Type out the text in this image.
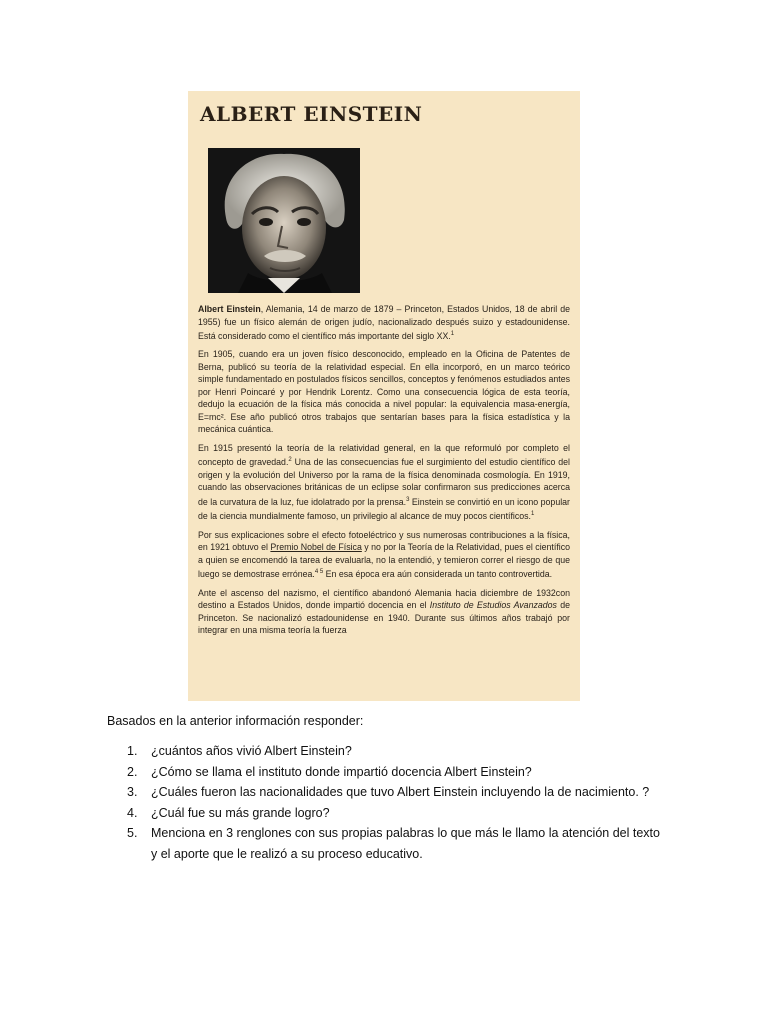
ALBERT EINSTEIN

Albert Einstein, Alemania, 14 de marzo de 1879 – Princeton, Estados Unidos, 18 de abril de 1955) fue un físico alemán de origen judío, nacionalizado después suizo y estadounidense. Está considerado como el científico más importante del siglo XX.$^1$

En 1905, cuando era un joven físico desconocido, empleado en la Oficina de Patentes de Berna, publicó su teoría de la relatividad especial. En ella incorporó, en un marco teórico simple fundamentado en postulados físicos sencillos, conceptos y fenómenos estudiados antes por Henri Poincaré y por Hendrik Lorentz. Como una consecuencia lógica de esta teoría, dedujo la ecuación de la física más conocida a nivel popular: la equivalencia masa-energía, E=mc². Ese año publicó otros trabajos que sentarían bases para la física estadística y la mecánica cuántica.

En 1915 presentó la teoría de la relatividad general, en la que reformuló por completo el concepto de gravedad.$^2$ Una de las consecuencias fue el surgimiento del estudio científico del origen y la evolución del Universo por la rama de la física denominada cosmología. En 1919, cuando las observaciones británicas de un eclipse solar confirmaron sus predicciones acerca de la curvatura de la luz, fue idolatrado por la prensa.$^3$ Einstein se convirtió en un icono popular de la ciencia mundialmente famoso, un privilegio al alcance de muy pocos científicos.$^1$

Por sus explicaciones sobre el efecto fotoeléctrico y sus numerosas contribuciones a la física, en 1921 obtuvo el Premio Nobel de Física y no por la Teoría de la Relatividad, pues el científico a quien se encomendó la tarea de evaluarla, no la entendió, y temieron correr el riesgo de que luego se demostrase errónea.$^{4 5}$ En esa época era aún considerada un tanto controvertida.

Ante el ascenso del nazismo, el científico abandonó Alemania hacia diciembre de 1932con destino a Estados Unidos, donde impartió docencia en el Instituto de Estudios Avanzados de Princeton. Se nacionalizó estadounidense en 1940. Durante sus últimos años trabajó por integrar en una misma teoría la fuerza

Basados en la anterior información responder:
1.	¿cuántos años vivió Albert Einstein?
2.	¿Cómo se llama el instituto donde impartió docencia Albert Einstein?
3.	¿Cuáles fueron las nacionalidades que tuvo Albert Einstein incluyendo la de nacimiento. ?
4.	¿Cuál fue su más grande logro?
5.	Menciona en 3 renglones con sus propias palabras lo que más le llamo la atención del texto y el aporte que le realizó a su proceso educativo.
